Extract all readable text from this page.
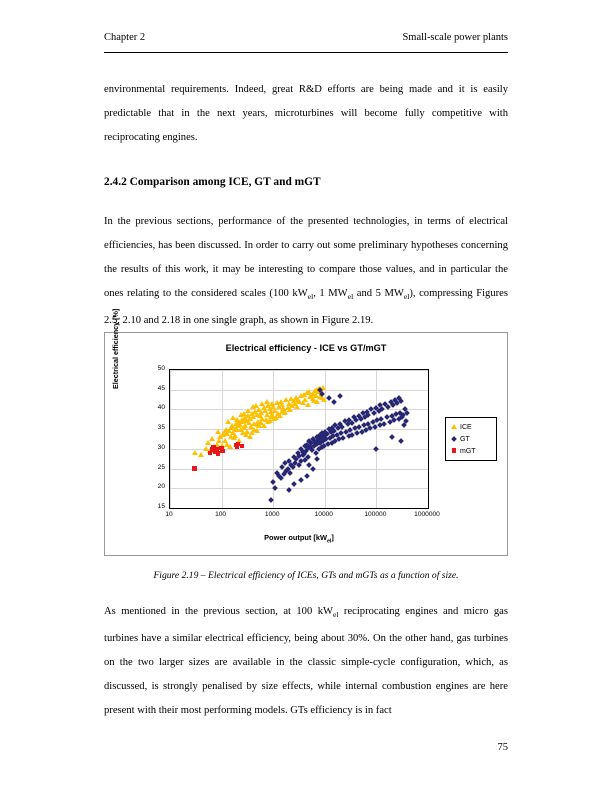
Chapter 2	Small-scale power plants

environmental requirements. Indeed, great R&D efforts are being made and it is easily predictable that in the next years, microturbines will become fully competitive with reciprocating engines.

2.4.2 Comparison among ICE, GT and mGT

In the previous sections, performance of the presented technologies, in terms of electrical efficiencies, has been discussed. In order to carry out some preliminary hypotheses concerning the results of this work, it may be interesting to compare those values, and in particular the ones relating to the considered scales (100 $kW_{el}$, 1 $MW_{el}$ and 5 $MW_{el}$), compressing Figures 2.5, 2.10 and 2.18 in one single graph, as shown in Figure 2.19.

Electrical efficiency - ICE vs GT/mGT
Electrical efficiency [%]
15
20
25
30
35
40
45
50
10	100	1000	10000	100000	1000000
Power output $[kW_{el}]$
ICE
GT
mGT
Figure 2.19 – Electrical efficiency of ICEs, GTs and mGTs as a function of size.

As mentioned in the previous section, at 100 $kW_{el}$ reciprocating engines and micro gas turbines have a similar electrical efficiency, being about 30%. On the other hand, gas turbines on the two larger sizes are available in the classic simple-cycle configuration, which, as discussed, is strongly penalised by size effects, while internal combustion engines are here present with their most performing models. GTs efficiency is in fact

75
